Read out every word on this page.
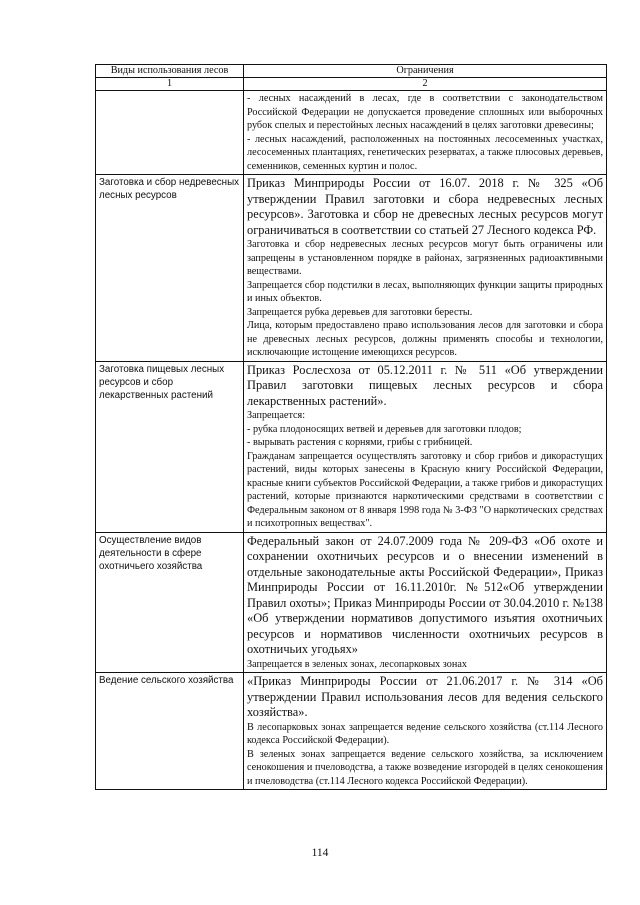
Виды использования лесов	Ограничения
1	2

	- лесных насаждений в лесах, где в соответствии с законодательством Российской Федерации не допускается проведение сплошных или выборочных рубок спелых и перестойных лесных насаждений в целях заготовки древесины;
- лесных насаждений, расположенных на постоянных лесосеменных участках, лесосеменных плантациях, генетических резерватах, а также плюсовых деревьев, семенников, семенных куртин и полос.

Заготовка и сбор недревесных лесных ресурсов	Приказ Минприроды России от 16.07. 2018 г. № 325 «Об утверждении Правил заготовки и сбора недревесных лесных ресурсов». Заготовка и сбор не древесных лесных ресурсов могут ограничиваться в соответствии со статьей 27 Лесного кодекса РФ.
Заготовка и сбор недревесных лесных ресурсов могут быть ограничены или запрещены в установленном порядке в районах, загрязненных радиоактивными веществами.
Запрещается сбор подстилки в лесах, выполняющих функции защиты природных и иных объектов.
Запрещается рубка деревьев для заготовки бересты.
Лица, которым предоставлено право использования лесов для заготовки и сбора не древесных лесных ресурсов, должны применять способы и технологии, исключающие истощение имеющихся ресурсов.

Заготовка пищевых лесных ресурсов и сбор лекарственных растений	Приказ Рослесхоза от 05.12.2011 г. № 511 «Об утверждении Правил заготовки пищевых лесных ресурсов и сбора лекарственных растений».
Запрещается:
- рубка плодоносящих ветвей и деревьев для заготовки плодов;
- вырывать растения с корнями, грибы с грибницей.
Гражданам запрещается осуществлять заготовку и сбор грибов и дикорастущих растений, виды которых занесены в Красную книгу Российской Федерации, красные книги субъектов Российской Федерации, а также грибов и дикорастущих растений, которые признаются наркотическими средствами в соответствии с Федеральным законом от 8 января 1998 года № 3-ФЗ "О наркотических средствах и психотропных веществах".

Осуществление видов деятельности в сфере охотничьего хозяйства	Федеральный закон от 24.07.2009 года № 209-ФЗ «Об охоте и сохранении охотничьих ресурсов и о внесении изменений в отдельные законодательные акты Российской Федерации», Приказ Минприроды России от 16.11.2010г. №512«Об утверждении Правил охоты»; Приказ Минприроды России от 30.04.2010 г. №138 «Об утверждении нормативов допустимого изъятия охотничьих ресурсов и нормативов численности охотничьих ресурсов в охотничьих угодьях»
Запрещается в зеленых зонах, лесопарковых зонах

Ведение сельского хозяйства	«Приказ Минприроды России от 21.06.2017 г. № 314 «Об утверждении Правил использования лесов для ведения сельского хозяйства».
В лесопарковых зонах запрещается ведение сельского хозяйства (ст.114 Лесного кодекса Российской Федерации).
В зеленых зонах запрещается ведение сельского хозяйства, за исключением сенокошения и пчеловодства, а также возведение изгородей в целях сенокошения и пчеловодства (ст.114 Лесного кодекса Российской Федерации).
114
